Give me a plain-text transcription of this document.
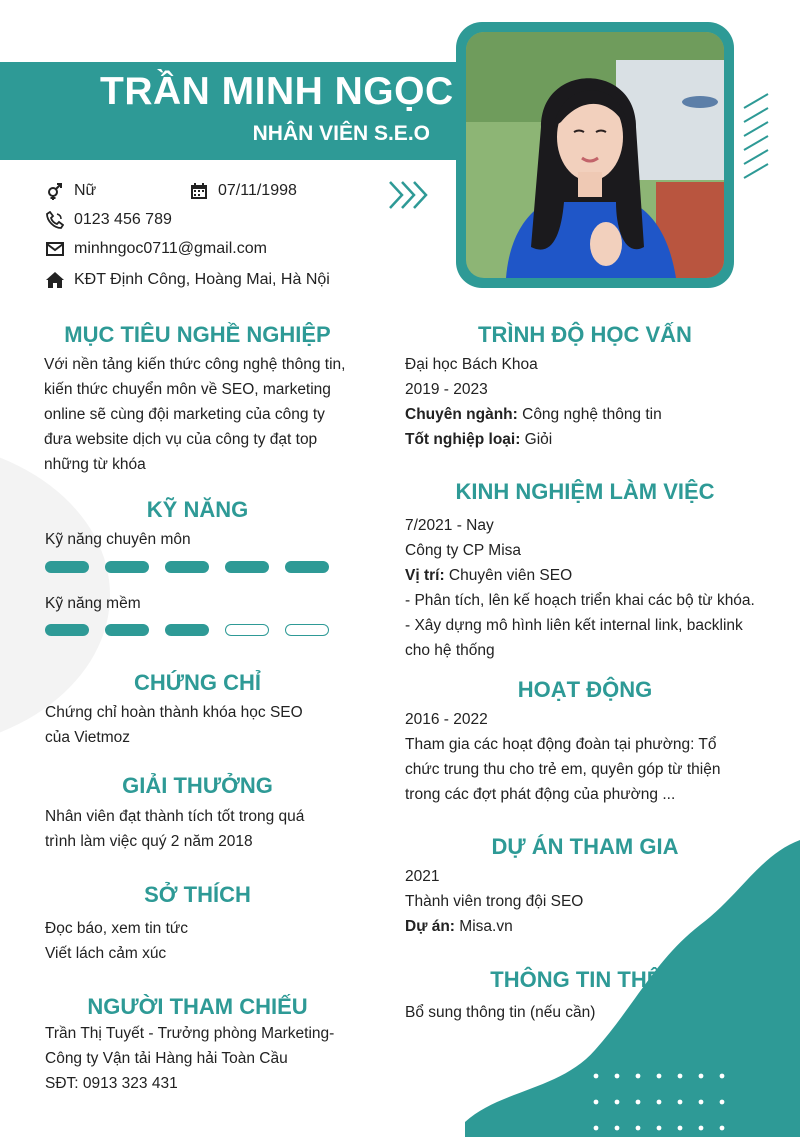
TRẦN MINH NGỌC
NHÂN VIÊN S.E.O
Nữ	07/11/1998
0123 456 789
minhngoc0711@gmail.com
KĐT Định Công, Hoàng Mai, Hà Nội
MỤC TIÊU NGHỀ NGHIỆP
Với nền tảng kiến thức công nghệ thông tin,
kiến thức chuyển môn về SEO, marketing
online sẽ cùng đội marketing của công ty
đưa website dịch vụ của công ty đạt top
những từ khóa
KỸ NĂNG
Kỹ năng chuyên môn
Kỹ năng mềm
CHỨNG CHỈ
Chứng chỉ hoàn thành khóa học SEO
của Vietmoz
GIẢI THƯỞNG
Nhân viên đạt thành tích tốt trong quá
trình làm việc quý 2 năm 2018
SỞ THÍCH
Đọc báo, xem tin tức
Viết lách cảm xúc
NGƯỜI THAM CHIẾU
Trần Thị Tuyết - Trưởng phòng Marketing-
Công ty Vận tải Hàng hải Toàn Cầu
SĐT: 0913 323 431
TRÌNH ĐỘ HỌC VẤN
Đại học Bách Khoa
2019 - 2023
Chuyên ngành: Công nghệ thông tin
Tốt nghiệp loại: Giỏi
KINH NGHIỆM LÀM VIỆC
7/2021 - Nay
Công ty CP Misa
Vị trí: Chuyên viên SEO
- Phân tích, lên kế hoạch triển khai các bộ từ khóa.
- Xây dựng mô hình liên kết internal link, backlink
cho hệ thống
HOẠT ĐỘNG
2016 - 2022
Tham gia các hoạt động đoàn tại phường: Tổ
chức trung thu cho trẻ em, quyên góp từ thiện
trong các đợt phát động của phường ...
DỰ ÁN THAM GIA
2021
Thành viên trong đội SEO
Dự án: Misa.vn
THÔNG TIN THÊM
Bổ sung thông tin (nếu cần)
